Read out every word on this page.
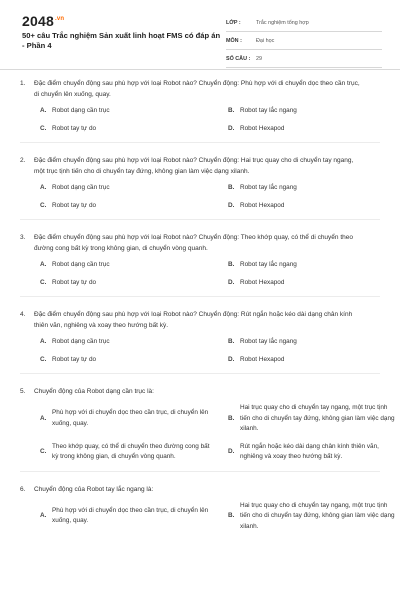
$2048^{.vn}$
50+ câu Trắc nghiệm Sản xuất linh hoạt FMS có đáp án - Phần 4
LỚP :	Trắc nghiệm tổng hợp
MÔN :	Đại học
SỐ CÂU :	29
1.	Đặc điểm chuyển động sau phù hợp với loại Robot nào? Chuyển động: Phù hợp với di chuyển dọc theo cần trục, di chuyển lên xuống, quay.
A. Robot dạng cần trục	B. Robot tay lắc ngang
C. Robot tay tự do	D. Robot Hexapod
2.	Đặc điểm chuyển động sau phù hợp với loại Robot nào? Chuyển động: Hai trục quay cho di chuyển tay ngang, một trục tịnh tiến cho di chuyển tay đứng, không gian làm việc dạng xilanh.
A. Robot dạng cần trục	B. Robot tay lắc ngang
C. Robot tay tự do	D. Robot Hexapod
3.	Đặc điểm chuyển động sau phù hợp với loại Robot nào? Chuyển động: Theo khớp quay, có thể di chuyển theo đường cong bất kỳ trong không gian, di chuyển vòng quanh.
A. Robot dạng cần trục	B. Robot tay lắc ngang
C. Robot tay tự do	D. Robot Hexapod
4.	Đặc điểm chuyển động sau phù hợp với loại Robot nào? Chuyển động: Rút ngắn hoặc kéo dài dạng chân kính thiên văn, nghiêng và xoay theo hướng bất kỳ.
A. Robot dạng cần trục	B. Robot tay lắc ngang
C. Robot tay tự do	D. Robot Hexapod
5.	Chuyển động của Robot dạng cần trục là:
A.
Phù hợp với di chuyển dọc theo cần trục, di chuyển lên xuống, quay.
B.
Hai trục quay cho di chuyển tay ngang, một trục tịnh tiến cho di chuyển tay đứng, không gian làm việc dạng xilanh.
C.
Theo khớp quay, có thể di chuyển theo đường cong bất kỳ trong không gian, di chuyển vòng quanh.
D.
Rút ngắn hoặc kéo dài dạng chân kính thiên văn, nghiêng và xoay theo hướng bất kỳ.
6.	Chuyển động của Robot tay lắc ngang là:
A.
Phù hợp với di chuyển dọc theo cần trục, di chuyển lên xuống, quay.
B.
Hai trục quay cho di chuyển tay ngang, một trục tịnh tiến cho di chuyển tay đứng, không gian làm việc dạng xilanh.
